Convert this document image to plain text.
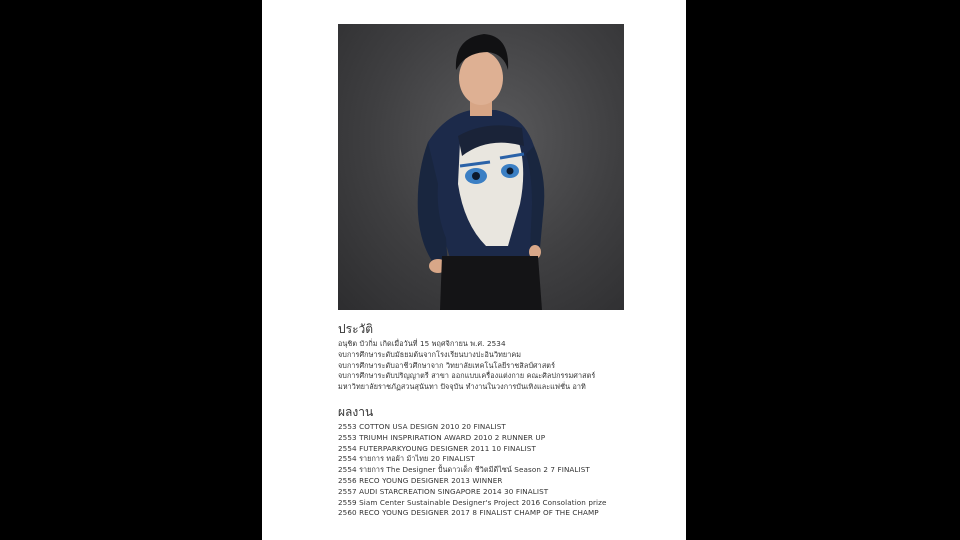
ประวัติ
อนุชิต บัวกิ่ม เกิดเมื่อวันที่ 15 พฤศจิกายน พ.ศ. 2534
จบการศึกษาระดับมัธยมต้นจากโรงเรียนบางปะอินวิทยาคม
จบการศึกษาระดับอาชีวศึกษาจาก วิทยาลัยเทคโนโลยีราชสิลป์ศาสตร์
จบการศึกษาระดับปริญญาตรี สาขา ออกแบบเครื่องแต่งกาย คณะศิลปกรรมศาสตร์
มหาวิทยาลัยราชภัฏสวนสุนันทา ปัจจุบัน ทำงานในวงการบันเทิงและแฟชั่น อาทิ
ผลงาน
2553 COTTON USA DESIGN 2010 20 FINALIST
2553 TRIUMH INSPRIRATION AWARD 2010 2 RUNNER UP
2554 FUTERPARKYOUNG DESIGNER 2011 10 FINALIST
2554 รายการ ทอผ้า ม้าไทย 20 FINALIST
2554 รายการ The Designer ปั้นดาวเด็ก ชีวิตมีดีไซน์ Season 2 7 FINALIST
2556 RECO YOUNG DESIGNER 2013 WINNER
2557 AUDI STARCREATION SINGAPORE 2014 30 FINALIST
2559 Siam Center Sustainable Designer's Project 2016 Consolation prize
2560 RECO YOUNG DESIGNER 2017 8 FINALIST CHAMP OF THE CHAMP
